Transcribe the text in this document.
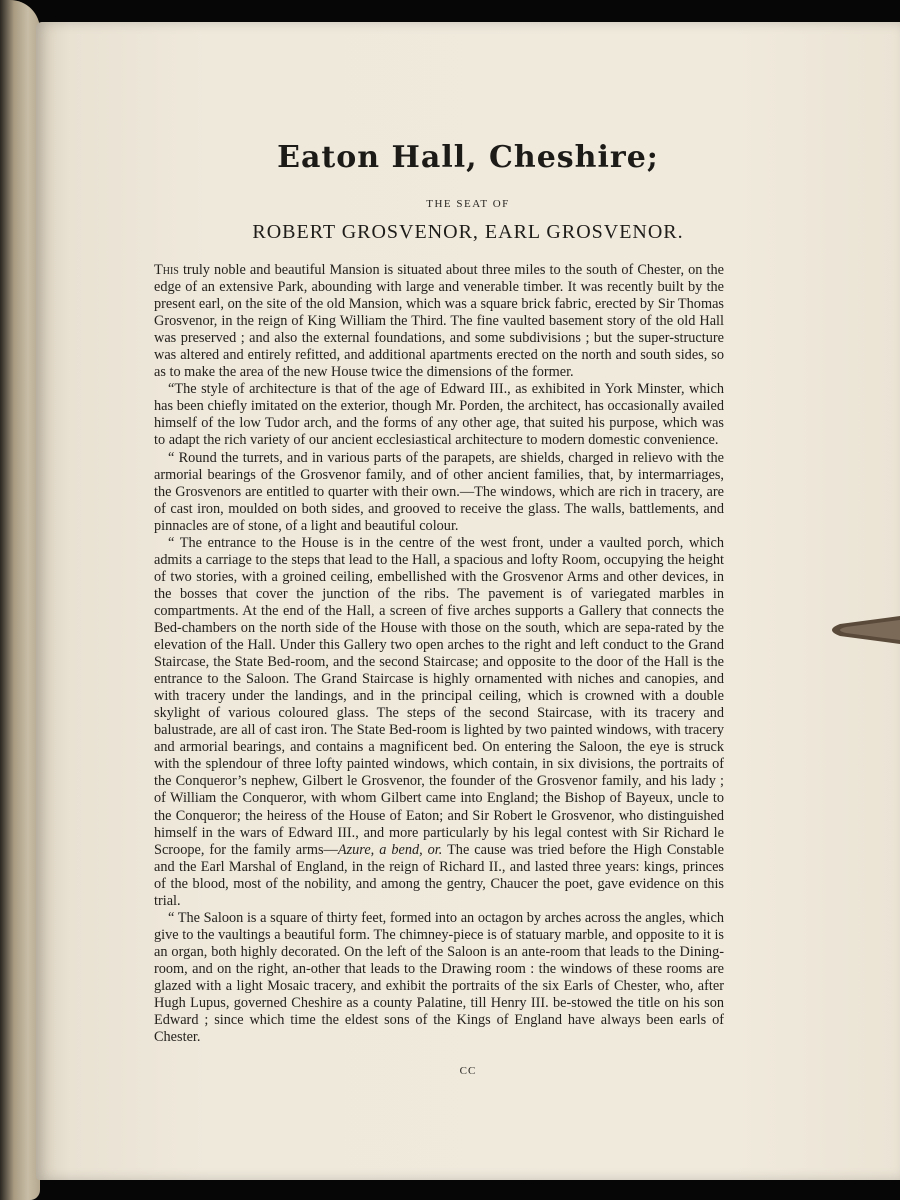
Eaton Hall, Cheshire;
THE SEAT OF
ROBERT GROSVENOR, EARL GROSVENOR.

This truly noble and beautiful Mansion is situated about three miles to the south of Chester, on the edge of an extensive Park, abounding with large and venerable timber. It was recently built by the present earl, on the site of the old Mansion, which was a square brick fabric, erected by Sir Thomas Grosvenor, in the reign of King William the Third. The fine vaulted basement story of the old Hall was preserved ; and also the external foundations, and some subdivisions ; but the super-structure was altered and entirely refitted, and additional apartments erected on the north and south sides, so as to make the area of the new House twice the dimensions of the former.

“The style of architecture is that of the age of Edward III., as exhibited in York Minster, which has been chiefly imitated on the exterior, though Mr. Porden, the architect, has occasionally availed himself of the low Tudor arch, and the forms of any other age, that suited his purpose, which was to adapt the rich variety of our ancient ecclesiastical architecture to modern domestic convenience.

“ Round the turrets, and in various parts of the parapets, are shields, charged in relievo with the armorial bearings of the Grosvenor family, and of other ancient families, that, by intermarriages, the Grosvenors are entitled to quarter with their own.—The windows, which are rich in tracery, are of cast iron, moulded on both sides, and grooved to receive the glass. The walls, battlements, and pinnacles are of stone, of a light and beautiful colour.

“ The entrance to the House is in the centre of the west front, under a vaulted porch, which admits a carriage to the steps that lead to the Hall, a spacious and lofty Room, occupying the height of two stories, with a groined ceiling, embellished with the Grosvenor Arms and other devices, in the bosses that cover the junction of the ribs. The pavement is of variegated marbles in compartments. At the end of the Hall, a screen of five arches supports a Gallery that connects the Bed-chambers on the north side of the House with those on the south, which are sepa-rated by the elevation of the Hall. Under this Gallery two open arches to the right and left conduct to the Grand Staircase, the State Bed-room, and the second Staircase; and opposite to the door of the Hall is the entrance to the Saloon. The Grand Staircase is highly ornamented with niches and canopies, and with tracery under the landings, and in the principal ceiling, which is crowned with a double skylight of various coloured glass. The steps of the second Staircase, with its tracery and balustrade, are all of cast iron. The State Bed-room is lighted by two painted windows, with tracery and armorial bearings, and contains a magnificent bed. On entering the Saloon, the eye is struck with the splendour of three lofty painted windows, which contain, in six divisions, the portraits of the Conqueror’s nephew, Gilbert le Grosvenor, the founder of the Grosvenor family, and his lady ; of William the Conqueror, with whom Gilbert came into England; the Bishop of Bayeux, uncle to the Conqueror; the heiress of the House of Eaton; and Sir Robert le Grosvenor, who distinguished himself in the wars of Edward III., and more particularly by his legal contest with Sir Richard le Scroope, for the family arms—Azure, a bend, or. The cause was tried before the High Constable and the Earl Marshal of England, in the reign of Richard II., and lasted three years: kings, princes of the blood, most of the nobility, and among the gentry, Chaucer the poet, gave evidence on this trial.

“ The Saloon is a square of thirty feet, formed into an octagon by arches across the angles, which give to the vaultings a beautiful form. The chimney-piece is of statuary marble, and opposite to it is an organ, both highly decorated. On the left of the Saloon is an ante-room that leads to the Dining-room, and on the right, an-other that leads to the Drawing room : the windows of these rooms are glazed with a light Mosaic tracery, and exhibit the portraits of the six Earls of Chester, who, after Hugh Lupus, governed Cheshire as a county Palatine, till Henry III. be-stowed the title on his son Edward ; since which time the eldest sons of the Kings of England have always been earls of Chester.

CC
